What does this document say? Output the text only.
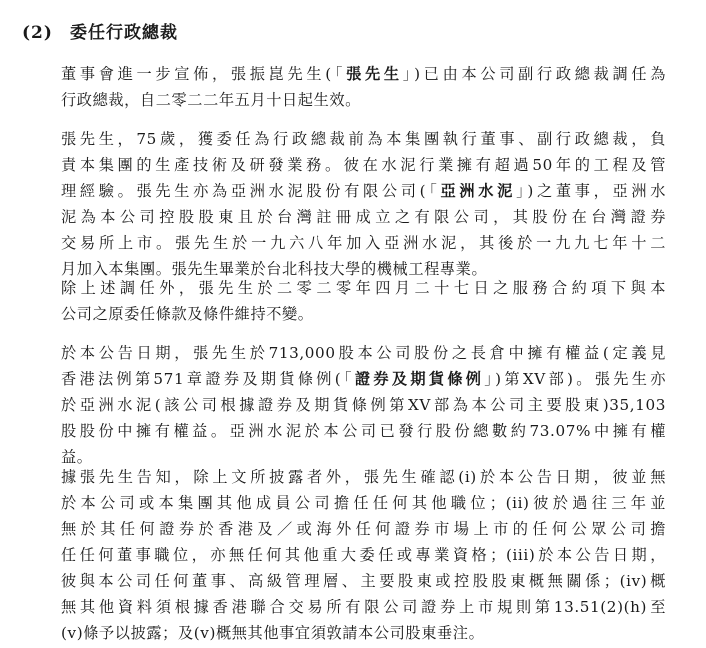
(2) 委任行政總裁
董事會進一步宣佈，張振崑先生(「張先生」)已由本公司副行政總裁調任為
行政總裁，自二零二二年五月十日起生效。
張先生，75歲，獲委任為行政總裁前為本集團執行董事、副行政總裁，負
責本集團的生產技術及研發業務。彼在水泥行業擁有超過50年的工程及管
理經驗。張先生亦為亞洲水泥股份有限公司(「亞洲水泥」)之董事，亞洲水
泥為本公司控股股東且於台灣註冊成立之有限公司，其股份在台灣證券
交易所上市。張先生於一九六八年加入亞洲水泥，其後於一九九七年十二
月加入本集團。張先生畢業於台北科技大學的機械工程專業。
除上述調任外，張先生於二零二零年四月二十七日之服務合約項下與本
公司之原委任條款及條件維持不變。
於本公告日期，張先生於713,000股本公司股份之長倉中擁有權益(定義見
香港法例第571章證券及期貨條例(「證券及期貨條例」)第XV部)。張先生亦
於亞洲水泥(該公司根據證券及期貨條例第XV部為本公司主要股東)35,103
股股份中擁有權益。亞洲水泥於本公司已發行股份總數約73.07%中擁有權
益。
據張先生告知，除上文所披露者外，張先生確認(i)於本公告日期，彼並無
於本公司或本集團其他成員公司擔任任何其他職位；(ii)彼於過往三年並
無於其任何證券於香港及／或海外任何證券市場上市的任何公眾公司擔
任任何董事職位，亦無任何其他重大委任或專業資格；(iii)於本公告日期，
彼與本公司任何董事、高級管理層、主要股東或控股股東概無關係；(iv)概
無其他資料須根據香港聯合交易所有限公司證券上市規則第13.51(2)(h)至
(v)條予以披露；及(v)概無其他事宜須敦請本公司股東垂注。
